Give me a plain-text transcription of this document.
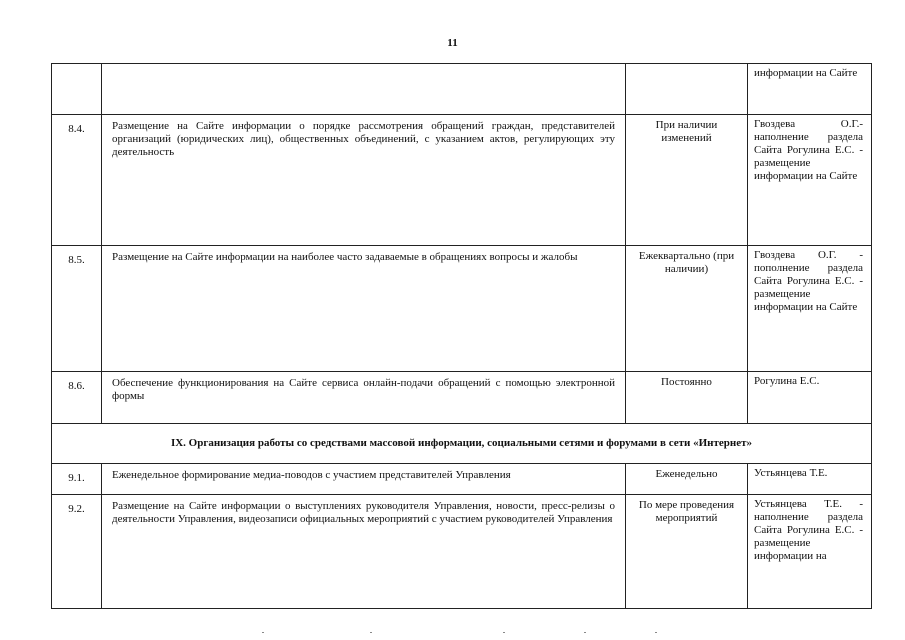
11
			информации на Сайте
8.4.	Размещение на Сайте информации о порядке рассмотрения обращений граждан, представителей организаций (юридических лиц), общественных объединений, с указанием актов, регулирующих эту деятельность	При наличии изменений	Гвоздева О.Г.- наполнение раздела Сайта Рогулина Е.С. - размещение информации на Сайте
8.5.	Размещение на Сайте информации на наиболее часто задаваемые в обращениях вопросы и жалобы	Ежеквартально (при наличии)	Гвоздева О.Г. - пополнение раздела Сайта Рогулина Е.С. - размещение информации на Сайте
8.6.	Обеспечение функционирования на Сайте сервиса онлайн-подачи обращений с помощью электронной формы	Постоянно	Рогулина Е.С.
IX. Организация работы со средствами массовой информации, социальными сетями и форумами в сети «Интернет»			
9.1.	Еженедельное формирование медиа-поводов с участием представителей Управления	Еженедельно	Устьянцева Т.Е.
9.2.	Размещение на Сайте информации о выступлениях руководителя Управления, новости, пресс-релизы о деятельности Управления, видеозаписи официальных мероприятий с участием руководителей Управления	По мере проведения мероприятий	Устьянцева Т.Е. - наполнение раздела Сайта Рогулина Е.С. - размещение информации на
